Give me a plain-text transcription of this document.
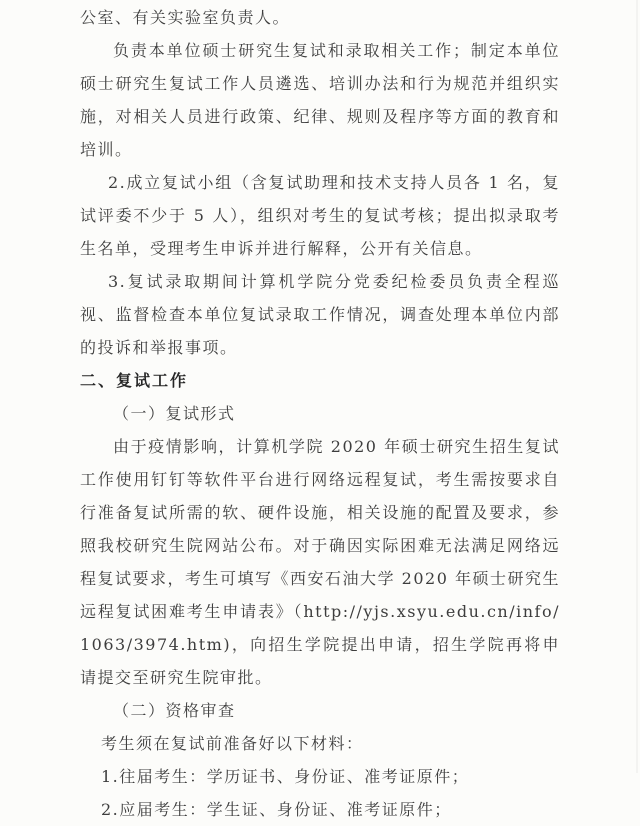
公室、有关实验室负责人。

负责本单位硕士研究生复试和录取相关工作；制定本单位硕士研究生复试工作人员遴选、培训办法和行为规范并组织实施，对相关人员进行政策、纪律、规则及程序等方面的教育和培训。

2.成立复试小组（含复试助理和技术支持人员各 1 名，复试评委不少于 5 人），组织对考生的复试考核；提出拟录取考生名单，受理考生申诉并进行解释，公开有关信息。

3.复试录取期间计算机学院分党委纪检委员负责全程巡视、监督检查本单位复试录取工作情况，调查处理本单位内部的投诉和举报事项。

二、复试工作

（一）复试形式

由于疫情影响，计算机学院 2020 年硕士研究生招生复试工作使用钉钉等软件平台进行网络远程复试，考生需按要求自行准备复试所需的软、硬件设施，相关设施的配置及要求，参照我校研究生院网站公布。对于确因实际困难无法满足网络远程复试要求，考生可填写《西安石油大学 2020 年硕士研究生远程复试困难考生申请表》（http://yjs.xsyu.edu.cn/info/1063/3974.htm)，向招生学院提出申请，招生学院再将申请提交至研究生院审批。

（二）资格审查

考生须在复试前准备好以下材料：

1.往届考生：学历证书、身份证、准考证原件；

2.应届考生：学生证、身份证、准考证原件；
